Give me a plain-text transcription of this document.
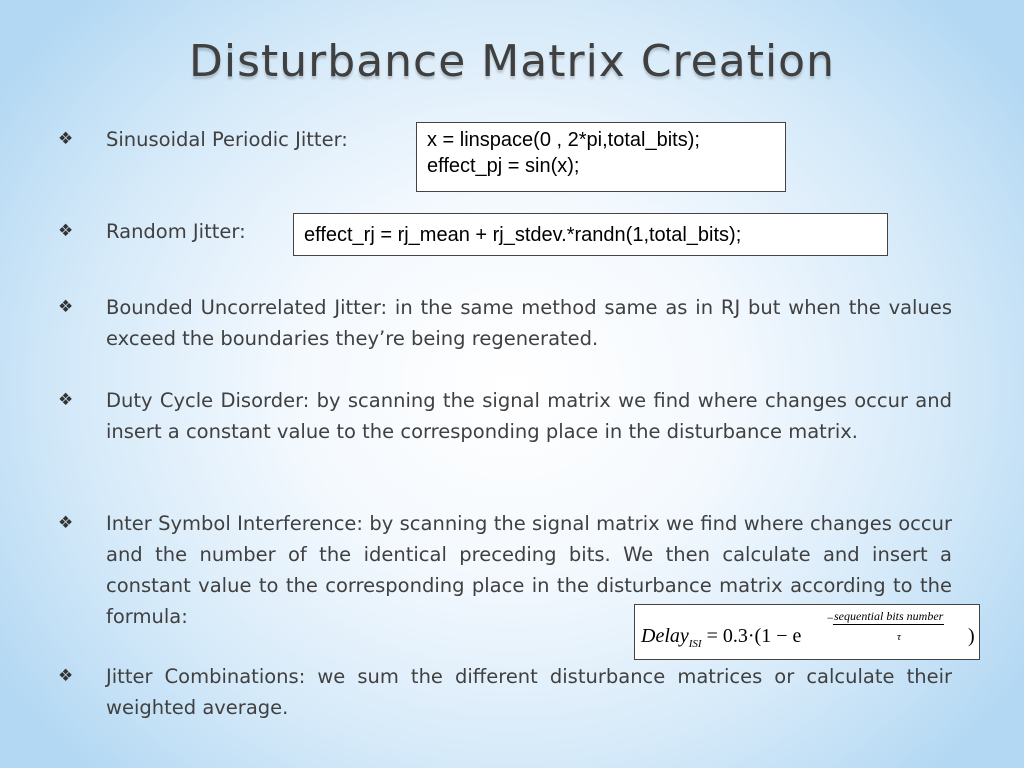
Disturbance Matrix Creation
❖	Sinusoidal Periodic Jitter:	x = linspace(0 , 2*pi,total_bits);
effect_pj = sin(x);
❖	Random Jitter:	effect_rj = rj_mean + rj_stdev.*randn(1,total_bits);
❖	Bounded Uncorrelated Jitter: in the same method same as in RJ but when the values exceed the boundaries they’re being regenerated.
❖	Duty Cycle Disorder: by scanning the signal matrix we find where changes occur and insert a constant value to the corresponding place in the disturbance matrix.
❖	Inter Symbol Interference: by scanning the signal matrix we find where changes occur and the number of the identical preceding bits. We then calculate and insert a constant value to the corresponding place in the disturbance matrix according to the formula:
Delay$_{ISI}$ = 0.3·(1 − e
− sequential bits number
τ	)
❖	Jitter Combinations: we sum the different disturbance matrices or calculate their weighted average.
